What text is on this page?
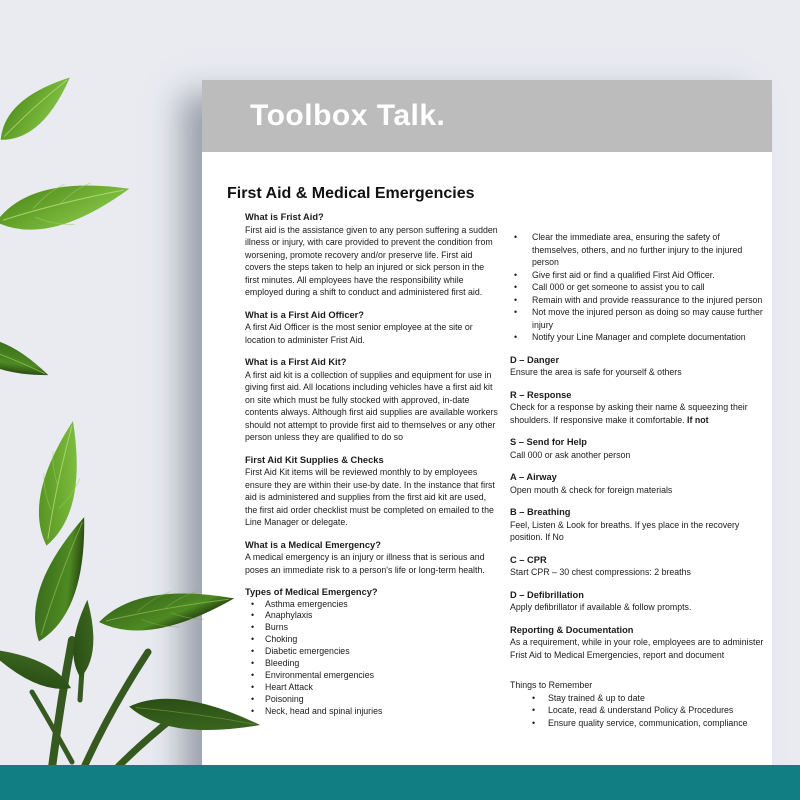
Toolbox Talk.
First Aid & Medical Emergencies
What is Frist Aid?
First aid is the assistance given to any person suffering a sudden illness or injury, with care provided to prevent the condition from worsening, promote recovery and/or preserve life. First aid covers the steps taken to help an injured or sick person in the first minutes. All employees have the responsibility while employed during a shift to conduct and administered first aid.
What is a First Aid Officer?
A first Aid Officer is the most senior employee at the site or location to administer Frist Aid.
What is a First Aid Kit?
A first aid kit is a collection of supplies and equipment for use in giving first aid. All locations including vehicles have a first aid kit on site which must be fully stocked with approved, in-date contents always. Although first aid supplies are available workers should not attempt to provide first aid to themselves or any other person unless they are qualified to do so
First Aid Kit Supplies & Checks
First Aid Kit items will be reviewed monthly to by employees ensure they are within their use-by date. In the instance that first aid is administered and supplies from the first aid kit are used, the first aid order checklist must be completed on emailed to the Line Manager or delegate.
What is a Medical Emergency?
A medical emergency is an injury or illness that is serious and poses an immediate risk to a person's life or long-term health.
Types of Medical Emergency?
• Asthma emergencies
• Anaphylaxis
• Burns
• Choking
• Diabetic emergencies
• Bleeding
• Environmental emergencies
• Heart Attack
• Poisoning
• Neck, head and spinal injuries
• Clear the immediate area, ensuring the safety of themselves, others, and no further injury to the injured person
• Give first aid or find a qualified First Aid Officer.
• Call 000 or get someone to assist you to call
• Remain with and provide reassurance to the injured person
• Not move the injured person as doing so may cause further injury
• Notify your Line Manager and complete documentation
D – Danger
Ensure the area is safe for yourself & others
R – Response
Check for a response by asking their name & squeezing their shoulders. If responsive make it comfortable. If not
S – Send for Help
Call 000 or ask another person
A – Airway
Open mouth & check for foreign materials
B – Breathing
Feel, Listen & Look for breaths. If yes place in the recovery position. If No
C – CPR
Start CPR – 30 chest compressions: 2 breaths
D – Defibrillation
Apply defibrillator if available & follow prompts.
Reporting & Documentation
As a requirement, while in your role, employees are to administer Frist Aid to Medical Emergencies, report and document
Things to Remember
• Stay trained & up to date
• Locate, read & understand Policy & Procedures
• Ensure quality service, communication, compliance
